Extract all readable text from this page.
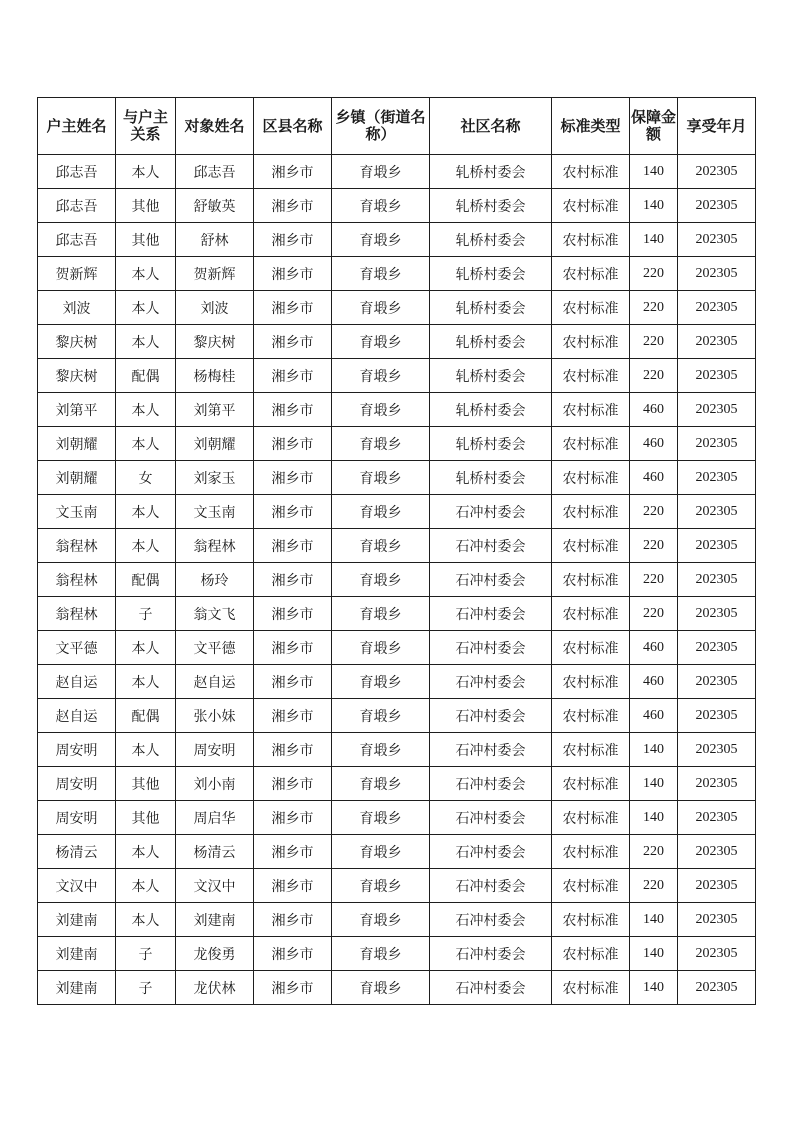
户主姓名	与户主关系	对象姓名	区县名称	乡镇（街道名称）	社区名称	标准类型	保障金额	享受年月
邱志吾	本人	邱志吾	湘乡市	育塅乡	轧桥村委会	农村标准	140	202305
邱志吾	其他	舒敏英	湘乡市	育塅乡	轧桥村委会	农村标准	140	202305
邱志吾	其他	舒林	湘乡市	育塅乡	轧桥村委会	农村标准	140	202305
贺新辉	本人	贺新辉	湘乡市	育塅乡	轧桥村委会	农村标准	220	202305
刘波	本人	刘波	湘乡市	育塅乡	轧桥村委会	农村标准	220	202305
黎庆树	本人	黎庆树	湘乡市	育塅乡	轧桥村委会	农村标准	220	202305
黎庆树	配偶	杨梅桂	湘乡市	育塅乡	轧桥村委会	农村标准	220	202305
刘第平	本人	刘第平	湘乡市	育塅乡	轧桥村委会	农村标准	460	202305
刘朝耀	本人	刘朝耀	湘乡市	育塅乡	轧桥村委会	农村标准	460	202305
刘朝耀	女	刘家玉	湘乡市	育塅乡	轧桥村委会	农村标准	460	202305
文玉南	本人	文玉南	湘乡市	育塅乡	石冲村委会	农村标准	220	202305
翁程林	本人	翁程林	湘乡市	育塅乡	石冲村委会	农村标准	220	202305
翁程林	配偶	杨玲	湘乡市	育塅乡	石冲村委会	农村标准	220	202305
翁程林	子	翁文飞	湘乡市	育塅乡	石冲村委会	农村标准	220	202305
文平德	本人	文平德	湘乡市	育塅乡	石冲村委会	农村标准	460	202305
赵自运	本人	赵自运	湘乡市	育塅乡	石冲村委会	农村标准	460	202305
赵自运	配偶	张小妹	湘乡市	育塅乡	石冲村委会	农村标准	460	202305
周安明	本人	周安明	湘乡市	育塅乡	石冲村委会	农村标准	140	202305
周安明	其他	刘小南	湘乡市	育塅乡	石冲村委会	农村标准	140	202305
周安明	其他	周启华	湘乡市	育塅乡	石冲村委会	农村标准	140	202305
杨清云	本人	杨清云	湘乡市	育塅乡	石冲村委会	农村标准	220	202305
文汉中	本人	文汉中	湘乡市	育塅乡	石冲村委会	农村标准	220	202305
刘建南	本人	刘建南	湘乡市	育塅乡	石冲村委会	农村标准	140	202305
刘建南	子	龙俊勇	湘乡市	育塅乡	石冲村委会	农村标准	140	202305
刘建南	子	龙伏林	湘乡市	育塅乡	石冲村委会	农村标准	140	202305
